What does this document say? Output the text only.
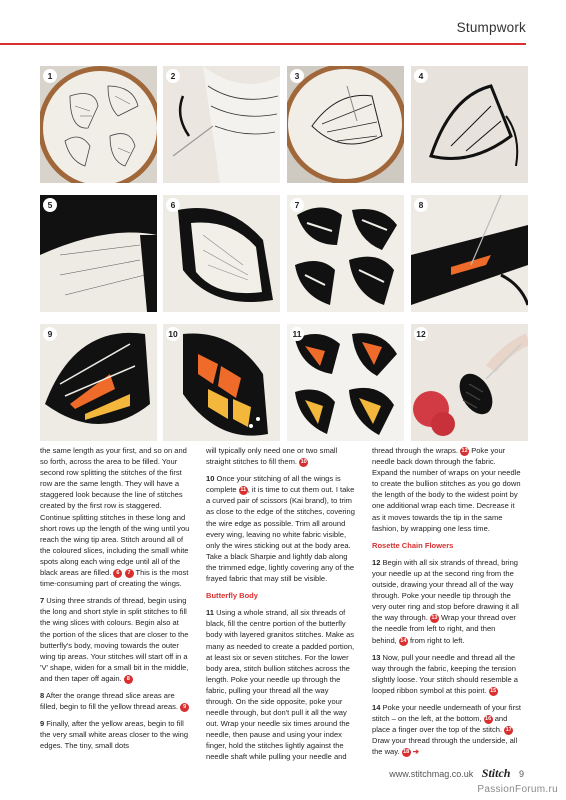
Stumpwork
1	2	3	4
5	6	7	8
9	10	11	12

the same length as your first, and so on and so forth, across the area to be filled. Your second row splitting the stitches of the first row are the same length. They will have a staggered look because the line of stitches created by the first row is staggered. Continue splitting stitches in these long and short rows up the length of the wing until you reach the wing tip area. Stitch around all of the coloured slices, including the small white spots along each wing edge until all of the black areas are filled. 6 7 This is the most time-consuming part of creating the wings.

7 Using three strands of thread, begin using the long and short style in split stitches to fill the wing slices with colours. Begin also at the portion of the slices that are closer to the butterfly's body, moving towards the outer wing tip areas. Your stitches will start off in a 'V' shape, widen for a small bit in the middle, and then taper off again. 8

8 After the orange thread slice areas are filled, begin to fill the yellow thread areas. 9

9 Finally, after the yellow areas, begin to fill the very small white areas closer to the wing edges. The tiny, small dots

will typically only need one or two small straight stitches to fill them. 10

10 Once your stitching of all the wings is complete 11 , it is time to cut them out. I take a curved pair of scissors (Kai brand), to trim as close to the edge of the stitches, covering the wire edge as possible. Trim all around every wing, leaving no white fabric visible, only the wires sticking out at the body area. Take a black Sharpie and lightly dab along the trimmed edge, lightly covering any of the frayed fabric that may still be visible.

Butterfly Body

11 Using a whole strand, all six threads of black, fill the centre portion of the butterfly body with layered granitos stitches. Make as many as needed to create a padded portion, at least six or seven stitches. For the lower body area, stitch bullion stitches across the length. Poke your needle up through the fabric, pulling your thread all the way through. On the side opposite, poke your needle through, but don't pull it all the way out. Wrap your needle six times around the needle, then pause and using your index finger, hold the stitches lightly against the needle shaft while pulling your needle and

thread through the wraps. 12 Poke your needle back down through the fabric. Expand the number of wraps on your needle to create the bullion stitches as you go down the length of the body to the widest point by one additional wrap each time. Decrease it as it moves towards the tip in the same fashion, by wrapping one less time.

Rosette Chain Flowers

12 Begin with all six strands of thread, bring your needle up at the second ring from the outside, drawing your thread all of the way through. Poke your needle tip through the very outer ring and stop before drawing it all the way through. 13 Wrap your thread over the needle from left to right, and then behind, 14 from right to left.

13 Now, pull your needle and thread all the way through the fabric, keeping the tension slightly loose. Your stitch should resemble a looped ribbon symbol at this point. 15

14 Poke your needle underneath of your first stitch – on the left, at the bottom, 16 and place a finger over the top of the stitch. 17 Draw your thread through the underside, all the way. 18 ➔

www.stitchmag.co.uk Stitch 9
PassionForum.ru
